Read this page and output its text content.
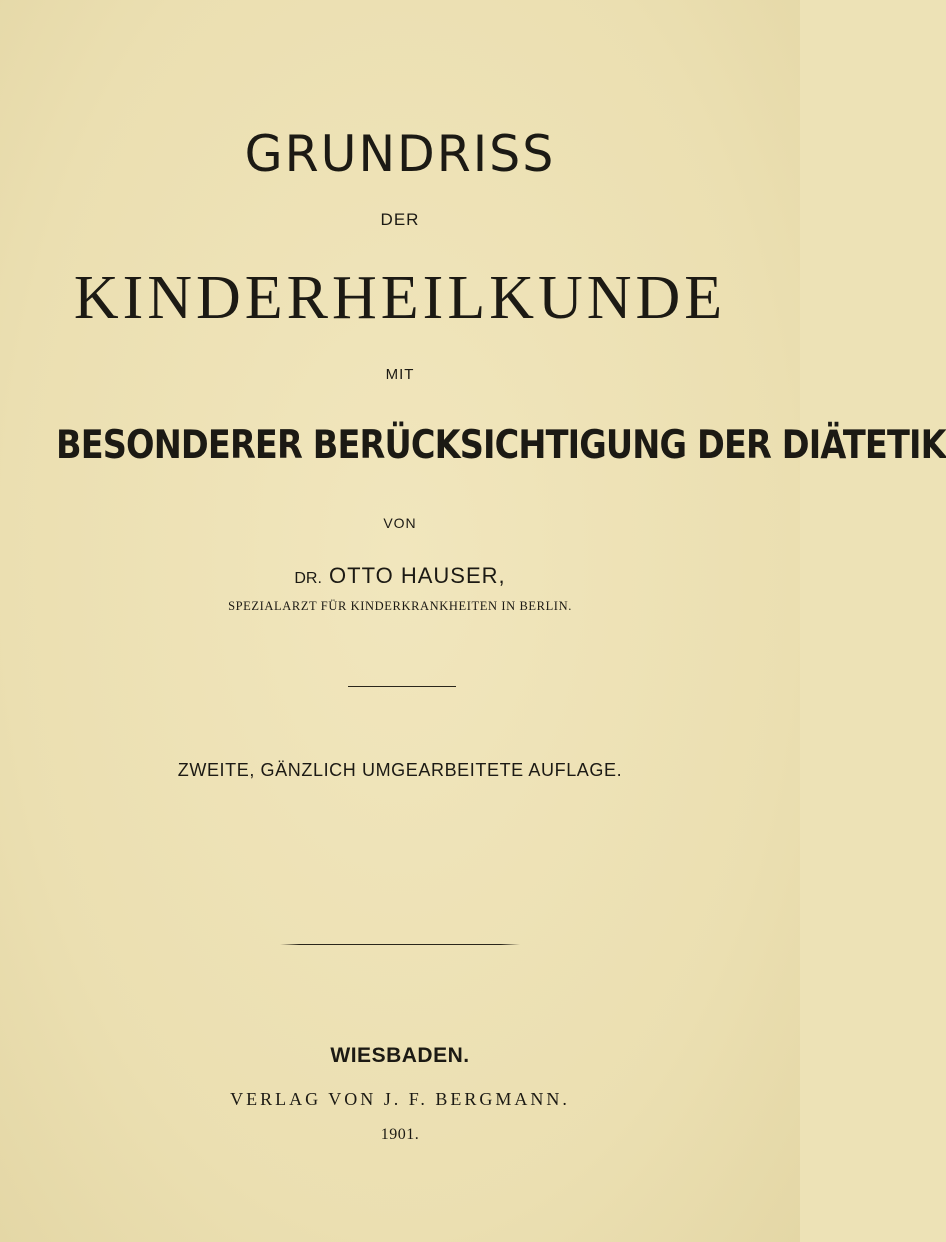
GRUNDRISS
DER
KINDERHEILKUNDE
MIT
BESONDERER BERÜCKSICHTIGUNG DER DIÄTETIK
VON
DR. OTTO HAUSER,
SPEZIALARZT FÜR KINDERKRANKHEITEN IN BERLIN.
ZWEITE, GÄNZLICH UMGEARBEITETE AUFLAGE.
WIESBADEN.
VERLAG VON J. F. BERGMANN.
1901.
